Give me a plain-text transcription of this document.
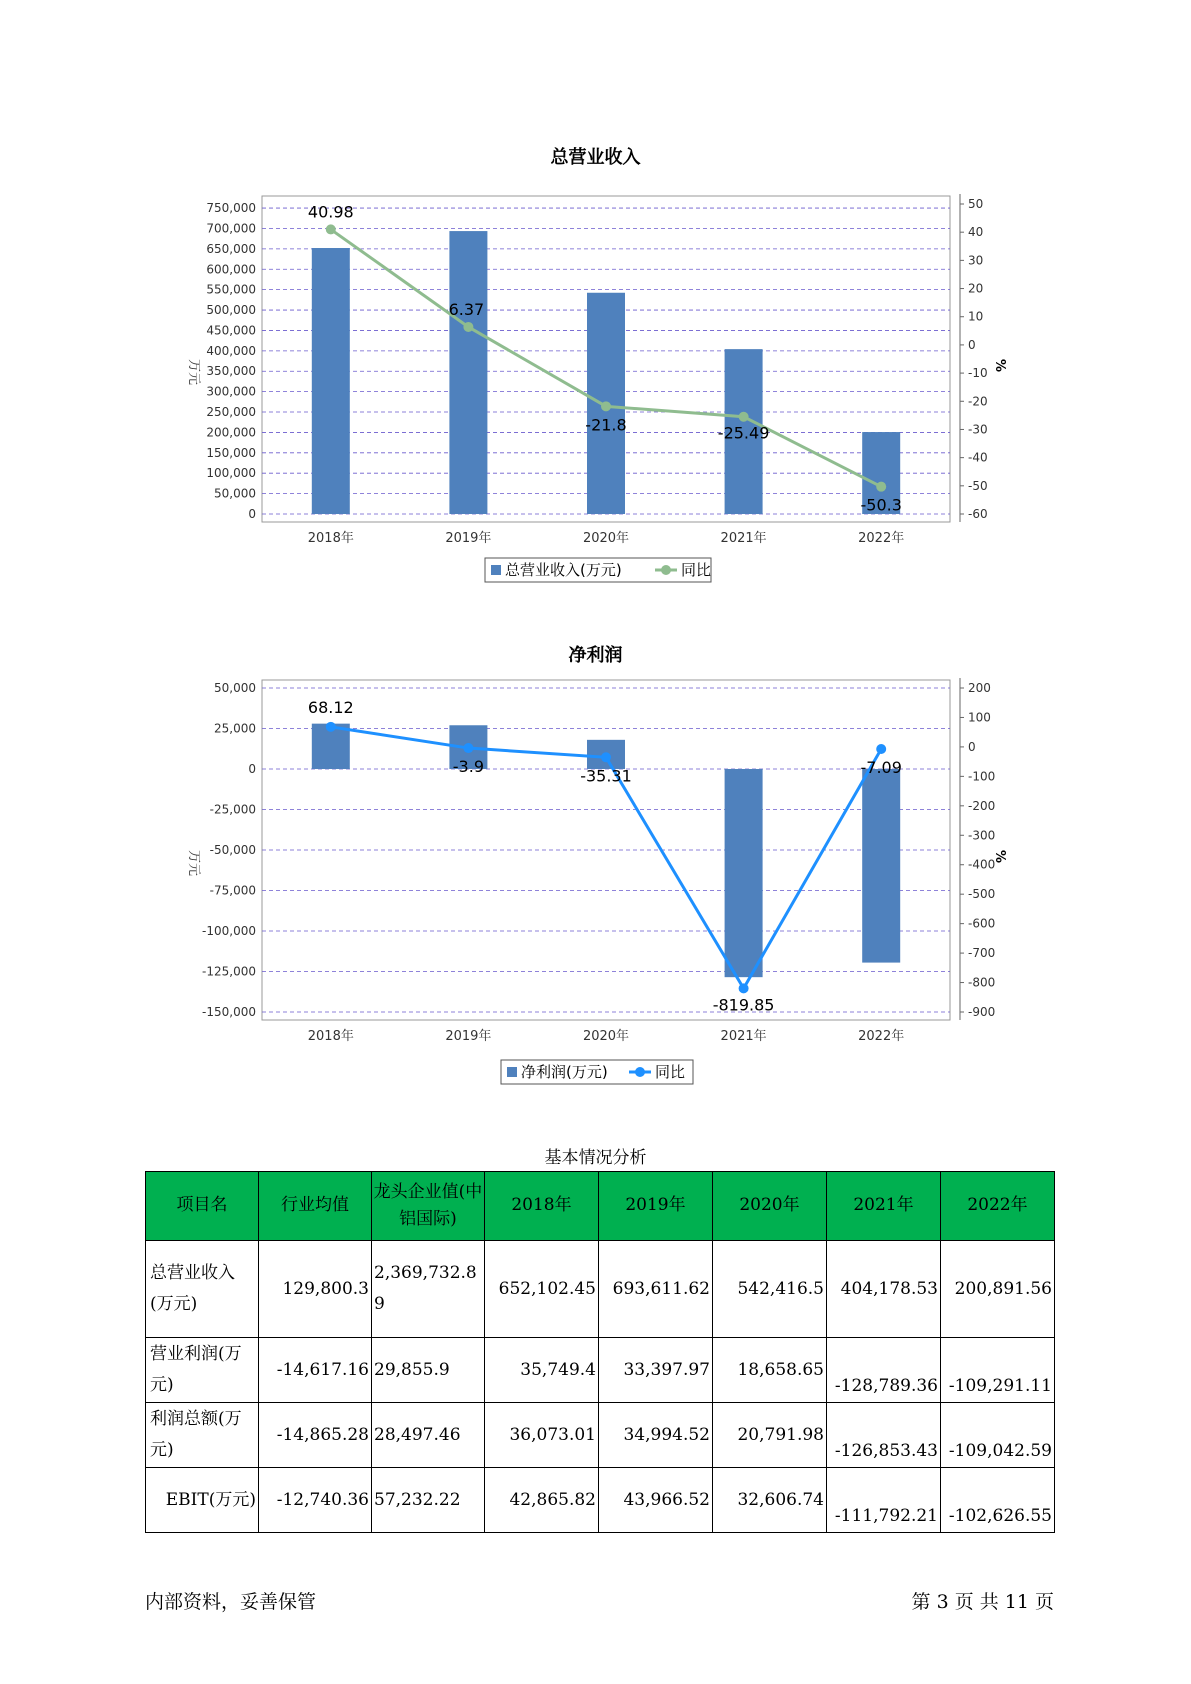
总营业收入
0
50,000
100,000
150,000
200,000
250,000
300,000
350,000
400,000
450,000
500,000
550,000
600,000
650,000
700,000
750,000
-60
-50
-40
-30
-20
-10
0
10
20
30
40
50
万元	%
2018年	2019年	2020年	2021年	2022年
40.98
6.37
-21.8	-25.49
-50.3
总营业收入(万元)	同比
净利润
-150,000
-125,000
-100,000
-75,000
-50,000
-25,000
0
25,000
50,000
-900
-800
-700
-600
-500
-400
-300
-200
-100
0
100
200
万元	%
2018年	2019年	2020年	2021年	2022年
68.12
-3.9	-35.31
-819.85
-7.09
净利润(万元)	同比
基本情况分析
项目名	行业均值	龙头企业值(中铝国际)	2018年	2019年	2020年	2021年	2022年
总营业收入(万元)	129,800.3	2,369,732.89	652,102.45	693,611.62	542,416.5	404,178.53	200,891.56
营业利润(万元)	-14,617.16	29,855.9	35,749.4	33,397.97	18,658.65	-128,789.36	-109,291.11
利润总额(万元)	-14,865.28	28,497.46	36,073.01	34,994.52	20,791.98	-126,853.43	-109,042.59
EBIT(万元)	-12,740.36	57,232.22	42,865.82	43,966.52	32,606.74	-111,792.21	-102,626.55
内部资料，妥善保管	第 3 页 共 11 页
